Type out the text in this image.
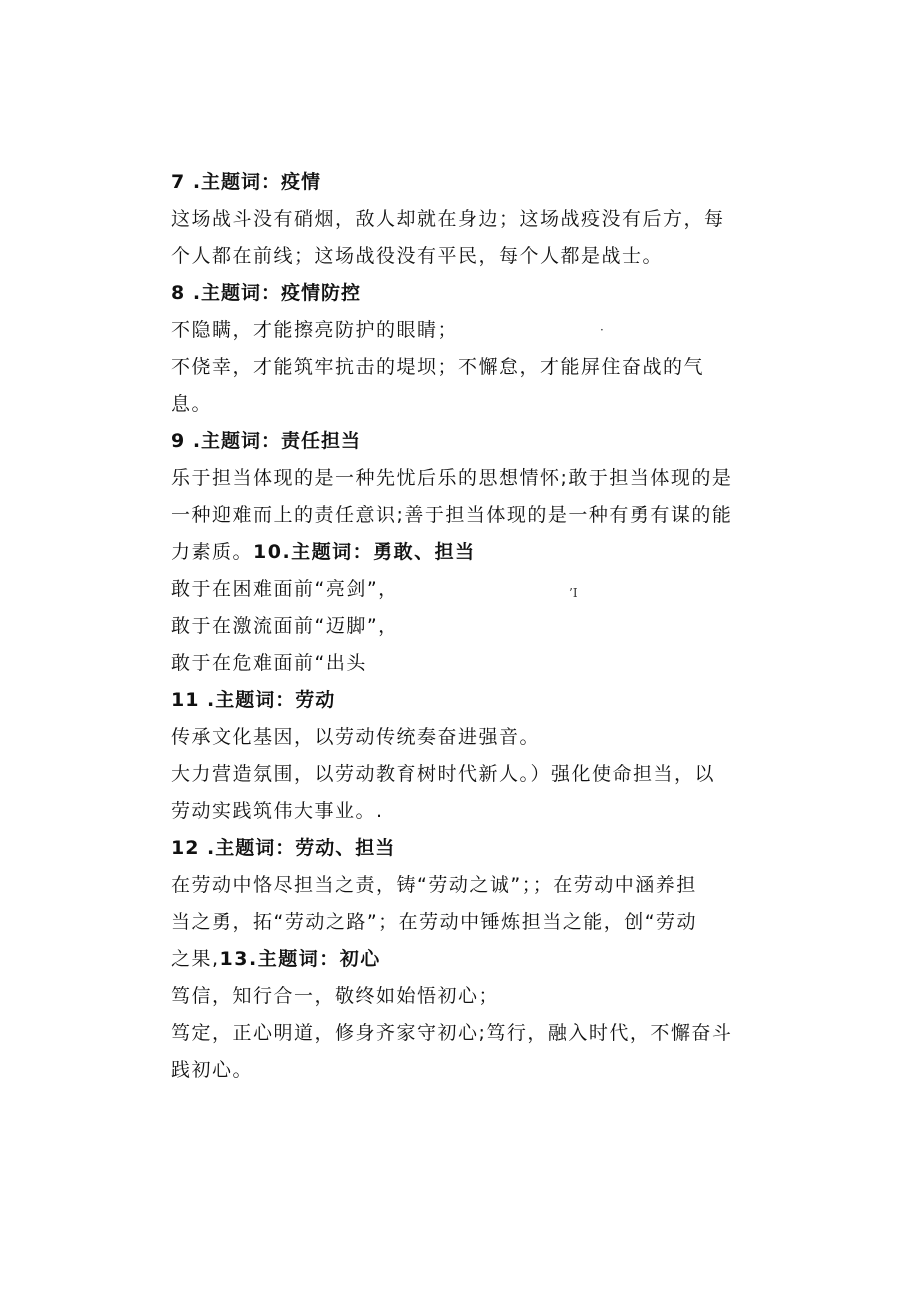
7 .主题词：疫情
这场战斗没有硝烟，敌人却就在身边；这场战疫没有后方，每
个人都在前线；这场战役没有平民，每个人都是战士。
8 .主题词：疫情防控
不隐瞒，才能擦亮防护的眼睛；
不侥幸，才能筑牢抗击的堤坝；不懈怠，才能屏住奋战的气
息。
9 .主题词：责任担当
乐于担当体现的是一种先忧后乐的思想情怀;敢于担当体现的是
一种迎难而上的责任意识;善于担当体现的是一种有勇有谋的能
力素质。10.主题词：勇敢、担当
敢于在困难面前“亮剑”，
敢于在激流面前“迈脚”，
敢于在危难面前“出头
11 .主题词：劳动
传承文化基因，以劳动传统奏奋进强音。
大力营造氛围，以劳动教育树时代新人。）强化使命担当，以
劳动实践筑伟大事业。.
12 .主题词：劳动、担当
在劳动中恪尽担当之责，铸“劳动之诚”；；在劳动中涵养担
当之勇，拓“劳动之路”；在劳动中锤炼担当之能，创“劳动
之果,13.主题词：初心
笃信，知行合一，敬终如始悟初心；
笃定，正心明道，修身齐家守初心;笃行，融入时代，不懈奋斗
践初心。
·
’I
